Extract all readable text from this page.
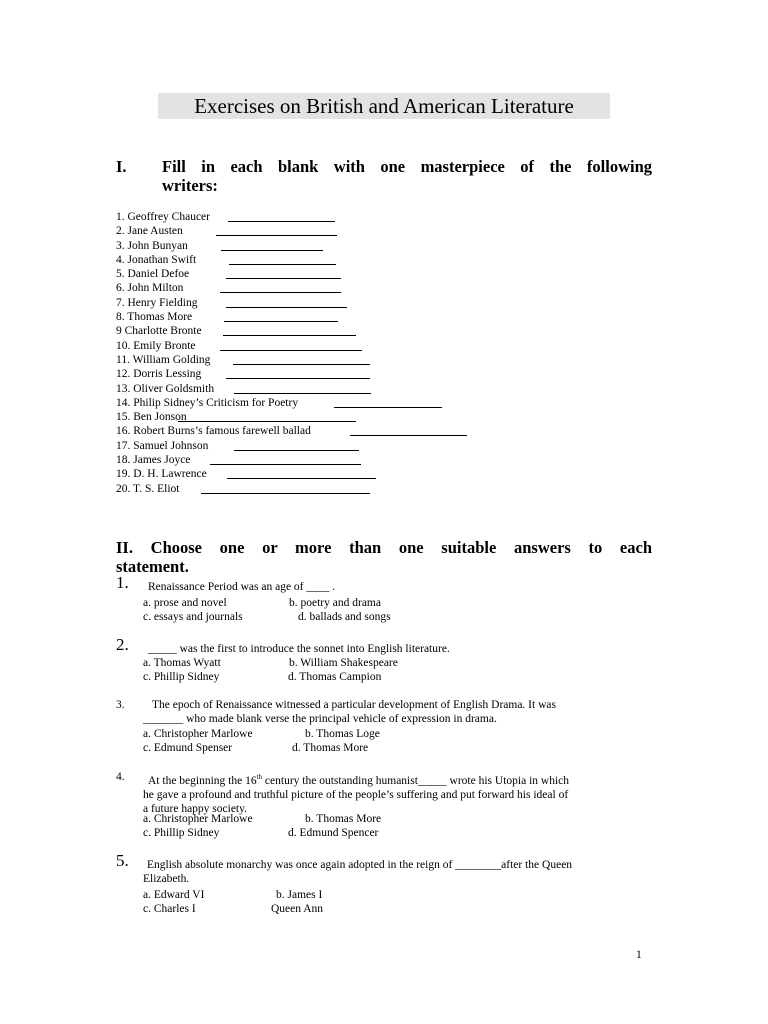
Exercises on British and American Literature
I. Fill in each blank with one masterpiece of the following
writers:
1. Geoffrey Chaucer
2. Jane Austen
3. John Bunyan
4. Jonathan Swift
5. Daniel Defoe
6. John Milton
7. Henry Fielding
8. Thomas More
9 Charlotte Bronte
10. Emily Bronte
11. William Golding
12. Dorris Lessing
13. Oliver Goldsmith
14. Philip Sidney’s Criticism for Poetry
15. Ben Jonson
16. Robert Burns’s famous farewell ballad
17. Samuel Johnson
18. James Joyce
19. D. H. Lawrence
20. T. S. Eliot
II. Choose one or more than one suitable answers to each
statement.
1.	Renaissance Period was an age of ____ .
a. prose and novel	b. poetry and drama
c. essays and journals	d. ballads and songs
2.	_____ was the first to introduce the sonnet into English literature.
a. Thomas Wyatt	b. William Shakespeare
c. Phillip Sidney	d. Thomas Campion
3.	The epoch of Renaissance witnessed a particular development of English Drama. It was
_______ who made blank verse the principal vehicle of expression in drama.
a. Christopher Marlowe	b. Thomas Loge
c. Edmund Spenser	d. Thomas More
4.	At the beginning the 16th century the outstanding humanist_____ wrote his Utopia in which
he gave a profound and truthful picture of the people’s suffering and put forward his ideal of
a future happy society.
a. Christopher Marlowe	b. Thomas More
c. Phillip Sidney	d. Edmund Spencer
5.	English absolute monarchy was once again adopted in the reign of ________after the Queen
Elizabeth.
a. Edward VI	b. James I
c. Charles I	Queen Ann
1
